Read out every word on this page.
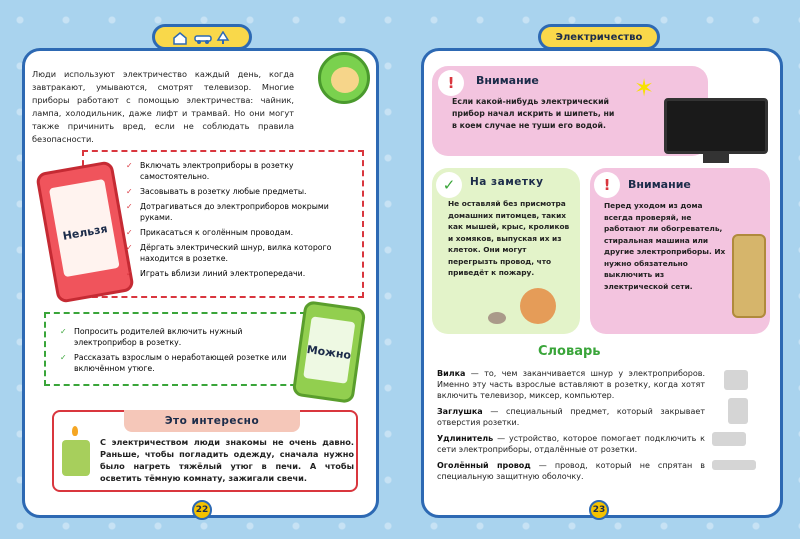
Люди используют электричество каждый день, когда завтракают, умываются, смотрят телевизор. Многие приборы работают с помощью электричества: чайник, лампа, холодильник, даже лифт и трамвай. Но они могут также причинить вред, если не соблюдать правила безопасности.

Нельзя
✓ Включать электроприборы в розетку самостоятельно.
✓ Засовывать в розетку любые предметы.
✓ Дотрагиваться до электроприборов мокрыми руками.
✓ Прикасаться к оголённым проводам.
✓ Дёргать электрический шнур, вилка которого находится в розетке.
✓ Играть вблизи линий электропередачи.
✓ Попросить родителей включить нужный электроприбор в розетку.
✓ Рассказать взрослым о неработающей розетке или включённом утюге.
Можно
Это интересно

С электричеством люди знакомы не очень давно. Раньше, чтобы погладить одежду, сначала нужно было нагреть тяжёлый утюг в печи. А чтобы осветить тёмную комнату, зажигали свечи.

22
Электричество
!	Внимание

Если какой-нибудь электрический прибор начал искрить и шипеть, ни в коем случае не туши его водой.

✶
✓	На заметку

Не оставляй без присмотра домашних питомцев, таких как мышей, крыс, кроликов и хомяков, выпуская их из клеток. Они могут перегрызть провод, что приведёт к пожару.

!	Внимание

Перед уходом из дома всегда проверяй, не работают ли обогреватель, стиральная машина или другие электроприборы. Их нужно обязательно выключить из электрической сети.

Словарь

Вилка — то, чем заканчивается шнур у электроприборов. Именно эту часть взрослые вставляют в розетку, когда хотят включить телевизор, миксер, компьютер.

Заглушка — специальный предмет, который закрывает отверстия розетки.

Удлинитель — устройство, которое помогает подключить к сети электроприборы, отдалённые от розетки.

Оголённый провод — провод, который не спрятан в специальную защитную оболочку.

23
